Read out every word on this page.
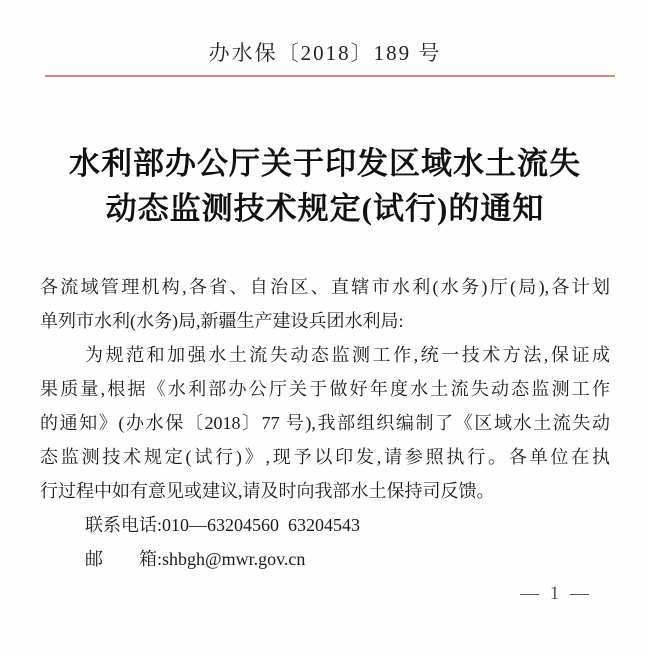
办水保〔2018〕189 号
水利部办公厅关于印发区域水土流失
动态监测技术规定(试行)的通知
各流域管理机构,各省、自治区、直辖市水利(水务)厅(局),各计划
单列市水利(水务)局,新疆生产建设兵团水利局:
为规范和加强水土流失动态监测工作,统一技术方法,保证成
果质量,根据《水利部办公厅关于做好年度水土流失动态监测工作
的通知》(办水保〔2018〕77 号),我部组织编制了《区域水土流失动
态监测技术规定(试行)》,现予以印发,请参照执行。各单位在执
行过程中如有意见或建议,请及时向我部水土保持司反馈。
联系电话:010—63204560  63204543
邮　　箱:shbgh@mwr.gov.cn
— 1 —
